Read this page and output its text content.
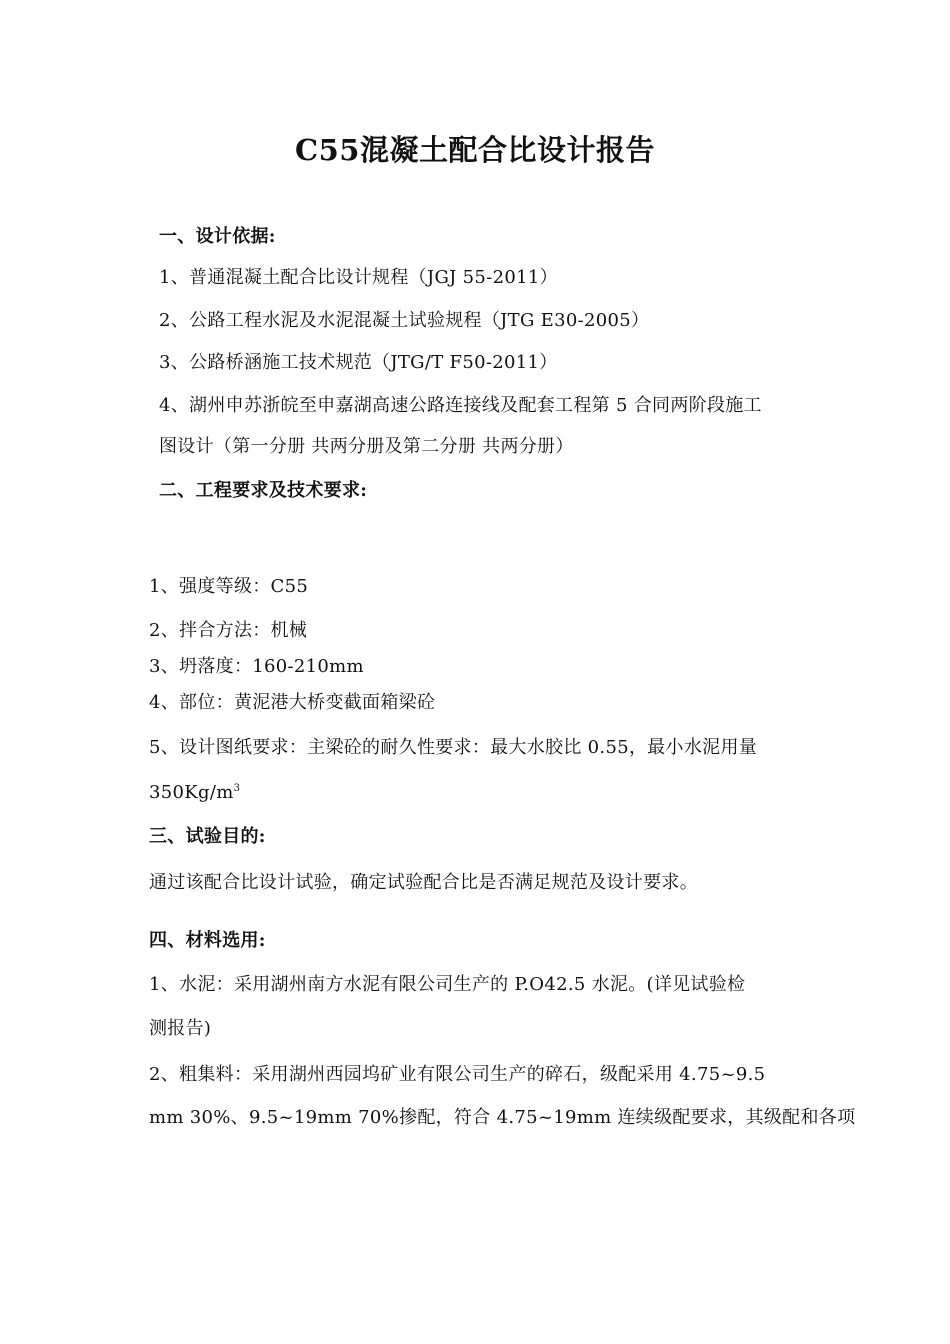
C55混凝土配合比设计报告
一、设计依据:
1、普通混凝土配合比设计规程（JGJ 55-2011）
2、公路工程水泥及水泥混凝土试验规程（JTG E30-2005）
3、公路桥涵施工技术规范（JTG/T F50-2011）
4、湖州申苏浙皖至申嘉湖高速公路连接线及配套工程第 5 合同两阶段施工
图设计（第一分册 共两分册及第二分册 共两分册）
二、工程要求及技术要求:
1、强度等级：C55
2、拌合方法：机械
3、坍落度：160-210mm
4、部位：黄泥港大桥变截面箱梁砼
5、设计图纸要求：主梁砼的耐久性要求：最大水胶比 0.55，最小水泥用量
$350Kg/m^3$
三、试验目的:
通过该配合比设计试验，确定试验配合比是否满足规范及设计要求。
四、材料选用:
1、水泥：采用湖州南方水泥有限公司生产的 P.O42.5 水泥。(详见试验检
测报告)
2、粗集料：采用湖州西园坞矿业有限公司生产的碎石，级配采用 4.75~9.5
mm 30%、9.5~19mm 70%掺配，符合 4.75~19mm 连续级配要求，其级配和各项
